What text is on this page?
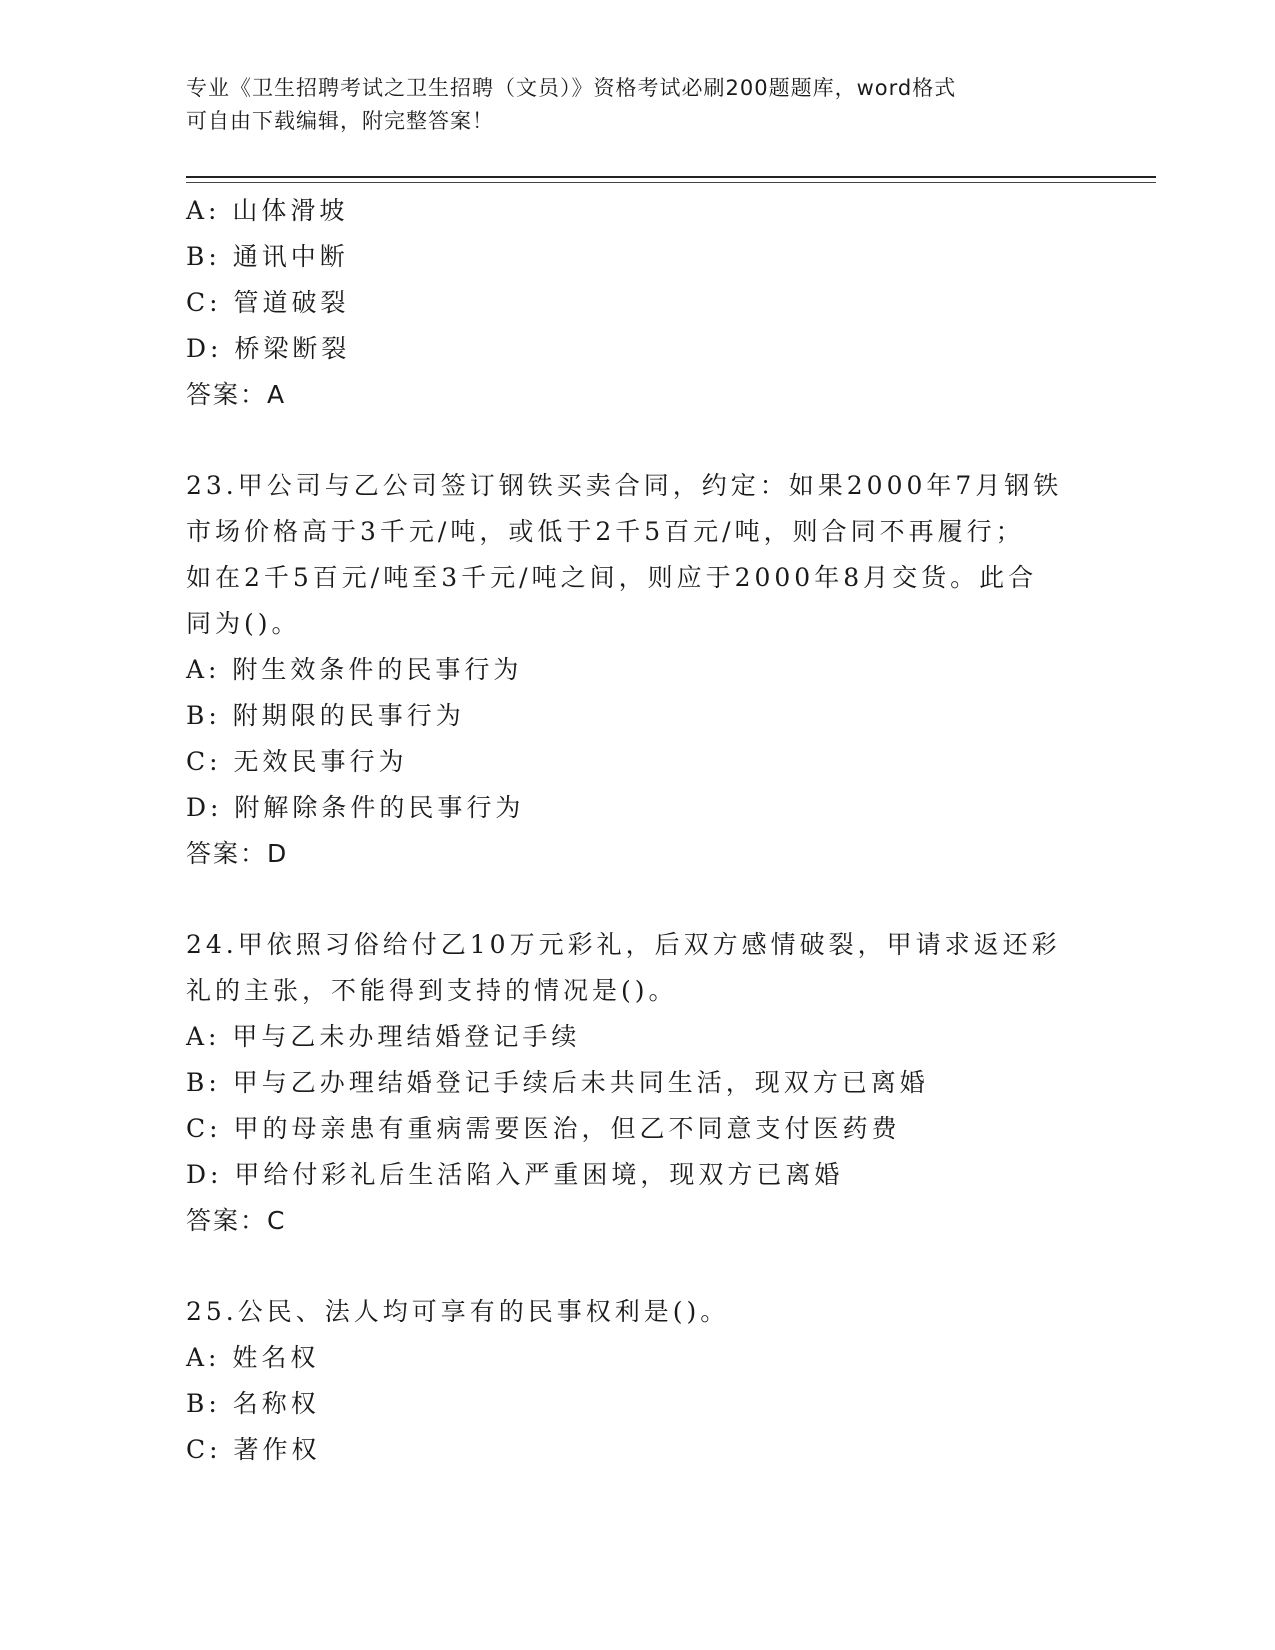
专业《卫生招聘考试之卫生招聘（文员）》资格考试必刷200题题库，word格式
可自由下载编辑，附完整答案！
A: 山体滑坡
B: 通讯中断
C: 管道破裂
D: 桥梁断裂
答案：A
23.甲公司与乙公司签订钢铁买卖合同，约定：如果2000年7月钢铁
市场价格高于3千元/吨，或低于2千5百元/吨，则合同不再履行；
如在2千5百元/吨至3千元/吨之间，则应于2000年8月交货。此合
同为()。
A: 附生效条件的民事行为
B: 附期限的民事行为
C: 无效民事行为
D: 附解除条件的民事行为
答案：D
24.甲依照习俗给付乙10万元彩礼，后双方感情破裂，甲请求返还彩
礼的主张，不能得到支持的情况是()。
A: 甲与乙未办理结婚登记手续
B: 甲与乙办理结婚登记手续后未共同生活，现双方已离婚
C: 甲的母亲患有重病需要医治，但乙不同意支付医药费
D: 甲给付彩礼后生活陷入严重困境，现双方已离婚
答案：C
25.公民、法人均可享有的民事权利是()。
A: 姓名权
B: 名称权
C: 著作权
